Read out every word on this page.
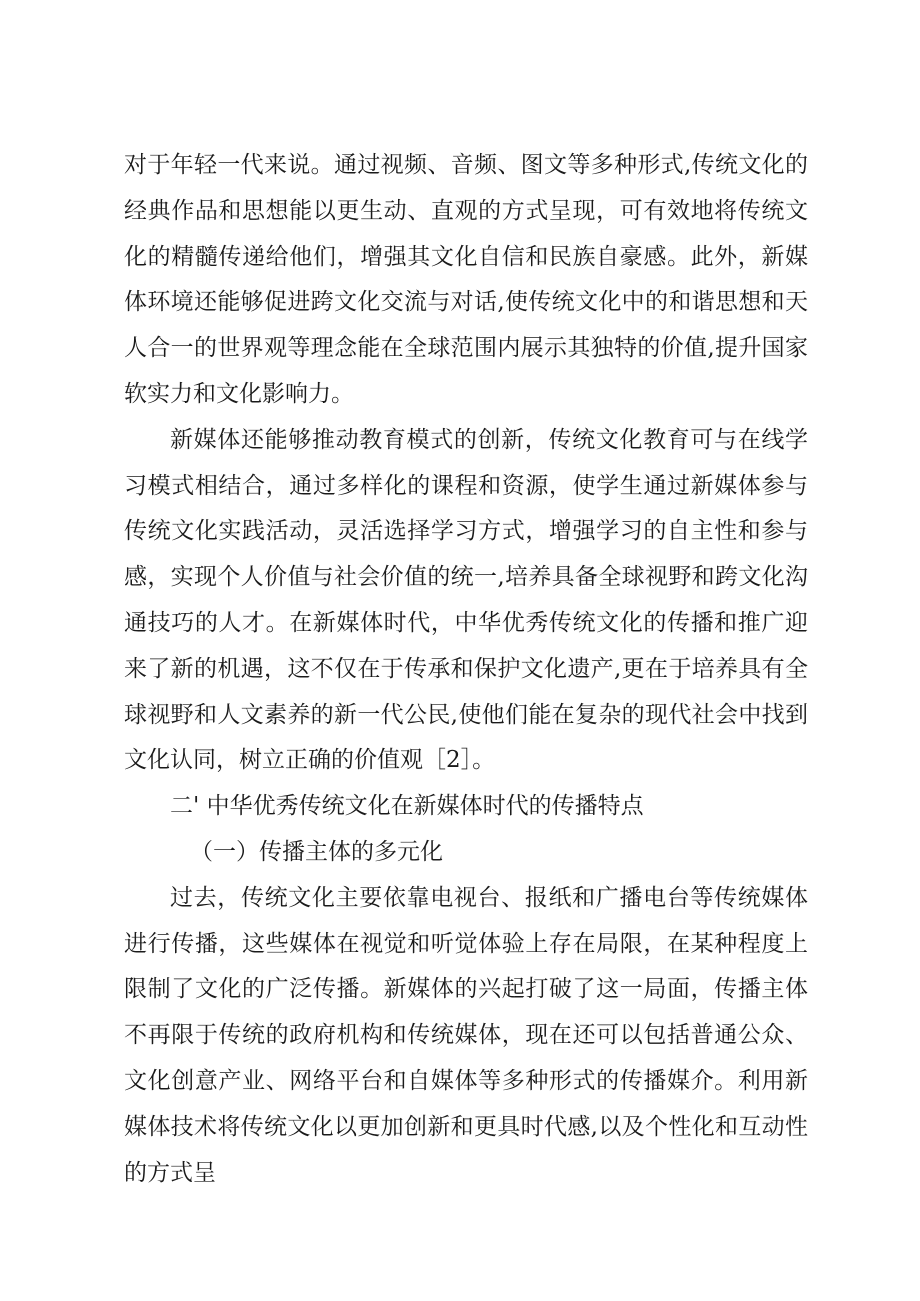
对于年轻一代来说。通过视频、音频、图文等多种形式,传统文化的经典作品和思想能以更生动、直观的方式呈现，可有效地将传统文化的精髓传递给他们，增强其文化自信和民族自豪感。此外，新媒体环境还能够促进跨文化交流与对话,使传统文化中的和谐思想和天人合一的世界观等理念能在全球范围内展示其独特的价值,提升国家软实力和文化影响力。

新媒体还能够推动教育模式的创新，传统文化教育可与在线学习模式相结合，通过多样化的课程和资源，使学生通过新媒体参与传统文化实践活动，灵活选择学习方式，增强学习的自主性和参与感，实现个人价值与社会价值的统一,培养具备全球视野和跨文化沟通技巧的人才。在新媒体时代，中华优秀传统文化的传播和推广迎来了新的机遇，这不仅在于传承和保护文化遗产,更在于培养具有全球视野和人文素养的新一代公民,使他们能在复杂的现代社会中找到文化认同，树立正确的价值观［2］。

二' 中华优秀传统文化在新媒体时代的传播特点
（一）传播主体的多元化

过去，传统文化主要依靠电视台、报纸和广播电台等传统媒体进行传播，这些媒体在视觉和听觉体验上存在局限，在某种程度上限制了文化的广泛传播。新媒体的兴起打破了这一局面，传播主体不再限于传统的政府机构和传统媒体，现在还可以包括普通公众、文化创意产业、网络平台和自媒体等多种形式的传播媒介。利用新媒体技术将传统文化以更加创新和更具时代感,以及个性化和互动性的方式呈
